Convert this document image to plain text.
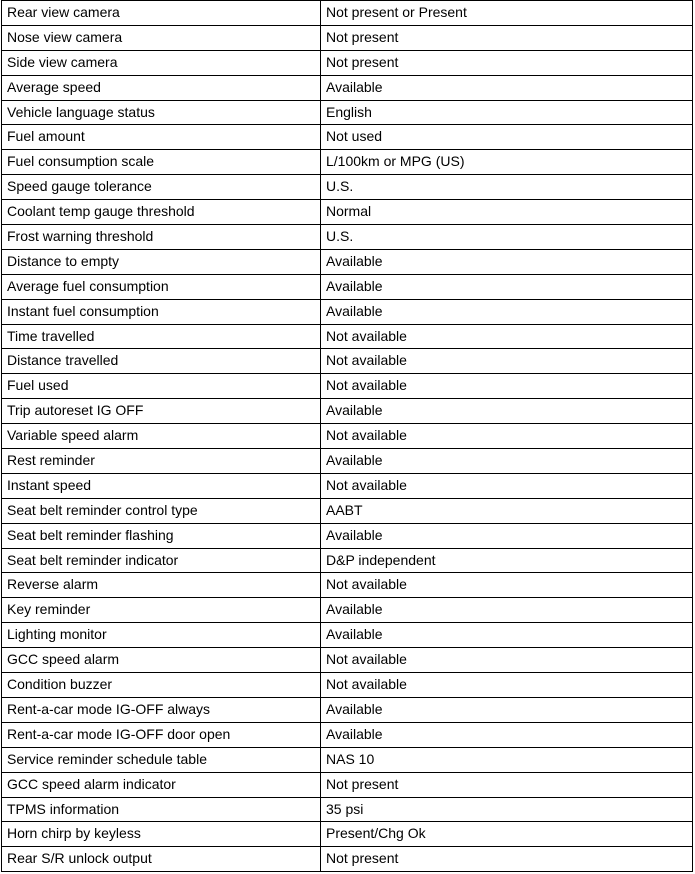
Rear view camera	Not present or Present
Nose view camera	Not present
Side view camera	Not present
Average speed	Available
Vehicle language status	English
Fuel amount	Not used
Fuel consumption scale	L/100km or MPG (US)
Speed gauge tolerance	U.S.
Coolant temp gauge threshold	Normal
Frost warning threshold	U.S.
Distance to empty	Available
Average fuel consumption	Available
Instant fuel consumption	Available
Time travelled	Not available
Distance travelled	Not available
Fuel used	Not available
Trip autoreset IG OFF	Available
Variable speed alarm	Not available
Rest reminder	Available
Instant speed	Not available
Seat belt reminder control type	AABT
Seat belt reminder flashing	Available
Seat belt reminder indicator	D&P independent
Reverse alarm	Not available
Key reminder	Available
Lighting monitor	Available
GCC speed alarm	Not available
Condition buzzer	Not available
Rent-a-car mode IG-OFF always	Available
Rent-a-car mode IG-OFF door open	Available
Service reminder schedule table	NAS 10
GCC speed alarm indicator	Not present
TPMS information	35 psi
Horn chirp by keyless	Present/Chg Ok
Rear S/R unlock output	Not present
